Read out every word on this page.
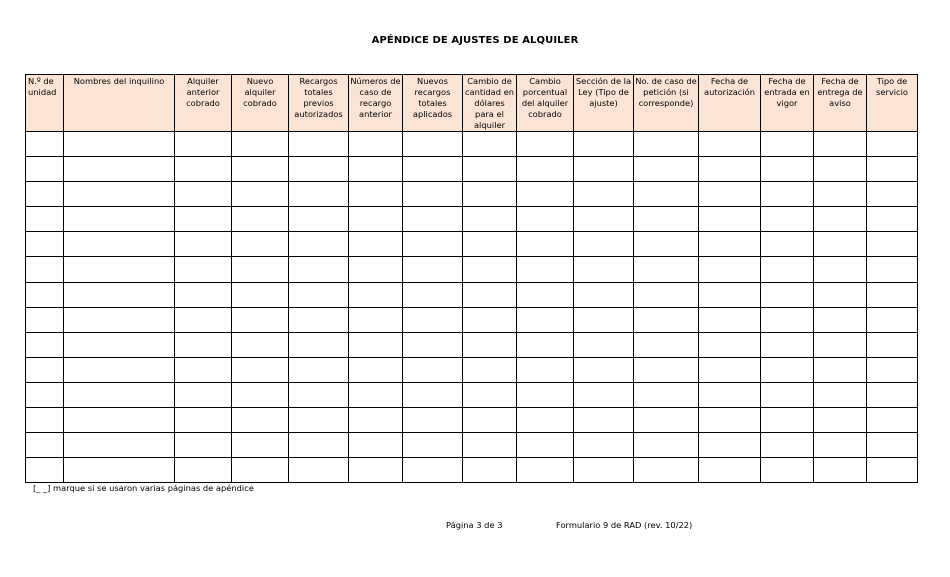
APÉNDICE DE AJUSTES DE ALQUILER
N.º de unidad	Nombres del inquilino	Alquiler anterior cobrado	Nuevo alquiler cobrado	Recargos totales previos autorizados	Números de caso de recargo anterior	Nuevos recargos totales aplicados	Cambio de cantidad en dólares para el alquiler	Cambio porcentual del alquiler cobrado	Sección de la Ley (Tipo de ajuste)	No. de caso de petición (si corresponde)	Fecha de autorización	Fecha de entrada en vigor	Fecha de entrega de aviso	Tipo de servicio

[_ _] marque si se usaron varias páginas de apéndice
Página 3 de 3	Formulario 9 de RAD (rev. 10/22)
